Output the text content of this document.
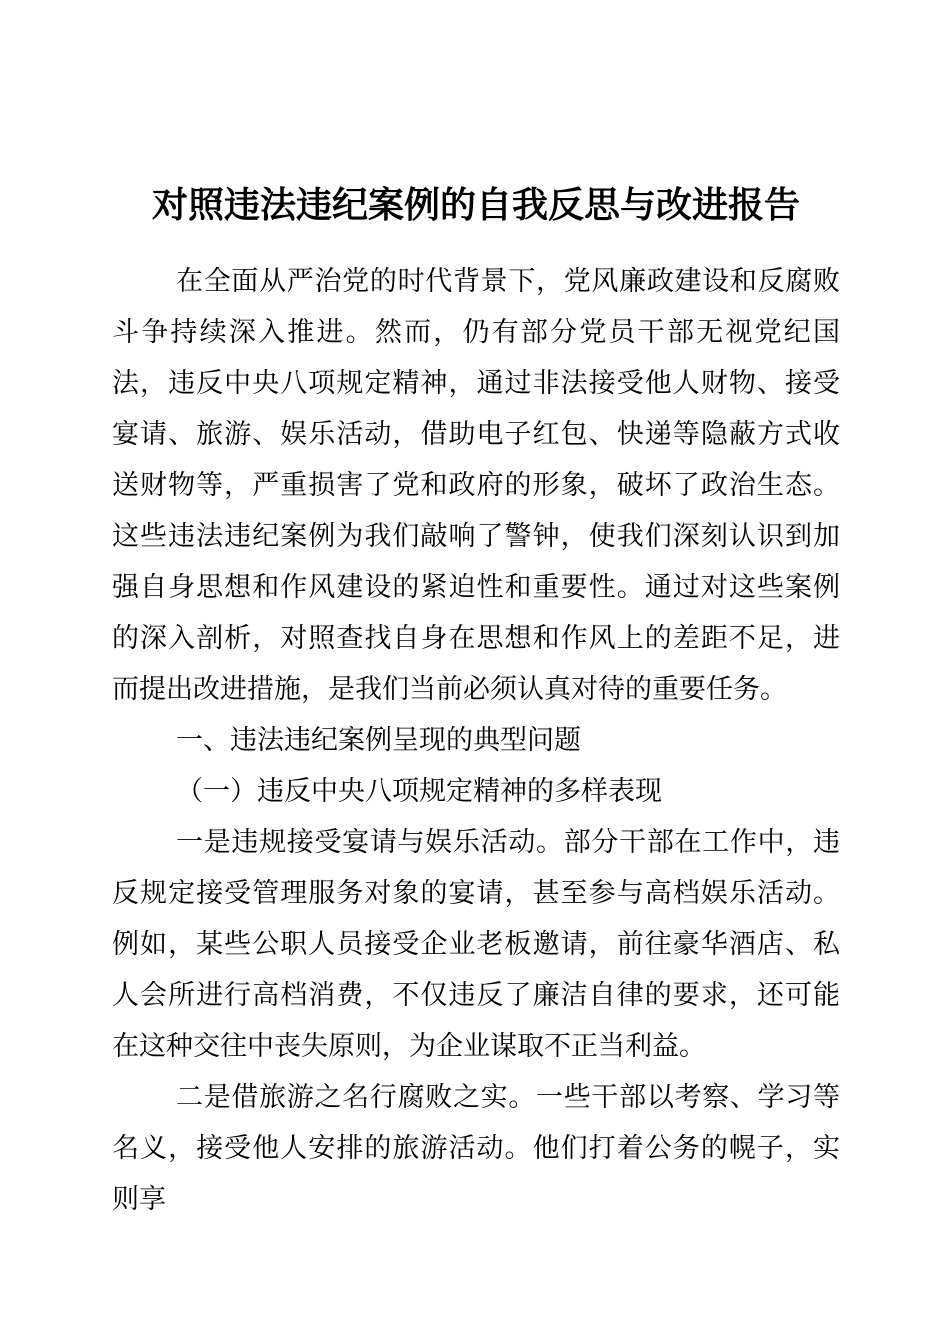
对照违法违纪案例的自我反思与改进报告

在全面从严治党的时代背景下，党风廉政建设和反腐败斗争持续深入推进。然而，仍有部分党员干部无视党纪国法，违反中央八项规定精神，通过非法接受他人财物、接受宴请、旅游、娱乐活动，借助电子红包、快递等隐蔽方式收送财物等，严重损害了党和政府的形象，破坏了政治生态。这些违法违纪案例为我们敲响了警钟，使我们深刻认识到加强自身思想和作风建设的紧迫性和重要性。通过对这些案例的深入剖析，对照查找自身在思想和作风上的差距不足，进而提出改进措施，是我们当前必须认真对待的重要任务。

一、违法违纪案例呈现的典型问题

（一）违反中央八项规定精神的多样表现

一是违规接受宴请与娱乐活动。部分干部在工作中，违反规定接受管理服务对象的宴请，甚至参与高档娱乐活动。例如，某些公职人员接受企业老板邀请，前往豪华酒店、私人会所进行高档消费，不仅违反了廉洁自律的要求，还可能在这种交往中丧失原则，为企业谋取不正当利益。

二是借旅游之名行腐败之实。一些干部以考察、学习等名义，接受他人安排的旅游活动。他们打着公务的幌子，实则享
